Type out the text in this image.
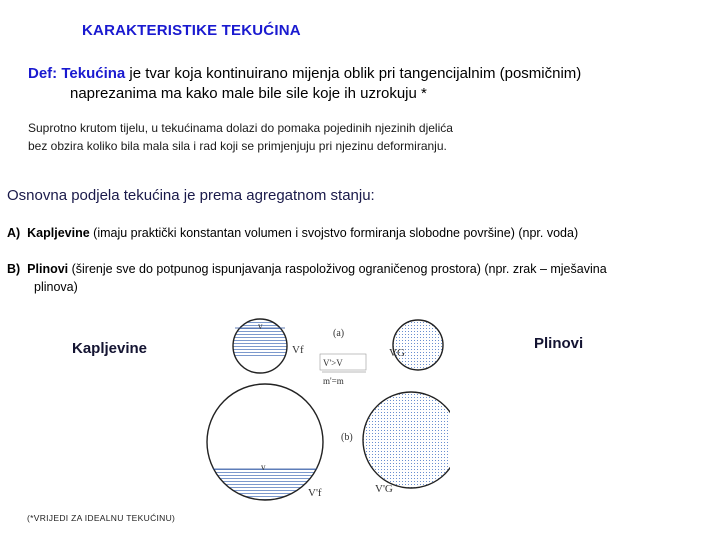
KARAKTERISTIKE TEKUĆINA
Def: Tekućina je tvar koja kontinuirano mijenja oblik pri tangencijalnim (posmičnim)
naprezanima ma kako male bile sile koje ih uzrokuju *
Suprotno krutom tijelu, u tekućinama dolazi do pomaka pojedinih njezinih djelića
bez obzira koliko bila mala sila i rad koji se primjenjuju pri njezinu deformiranju.
Osnovna podjela tekućina je prema agregatnom stanju:
A) Kapljevine (imaju praktički konstantan volumen i svojstvo formiranja slobodne površine) (npr. voda)
B) Plinovi (širenje sve do potpunog ispunjavanja raspoloživog ograničenog prostora) (npr. zrak – mješavina
plinova)
Kapljevine	Plinovi
v
Vf
(a)
V'>V
m'=m
(b)
VG
v
V'f	V'G
(*VRIJEDI ZA IDEALNU TEKUĆINU)
